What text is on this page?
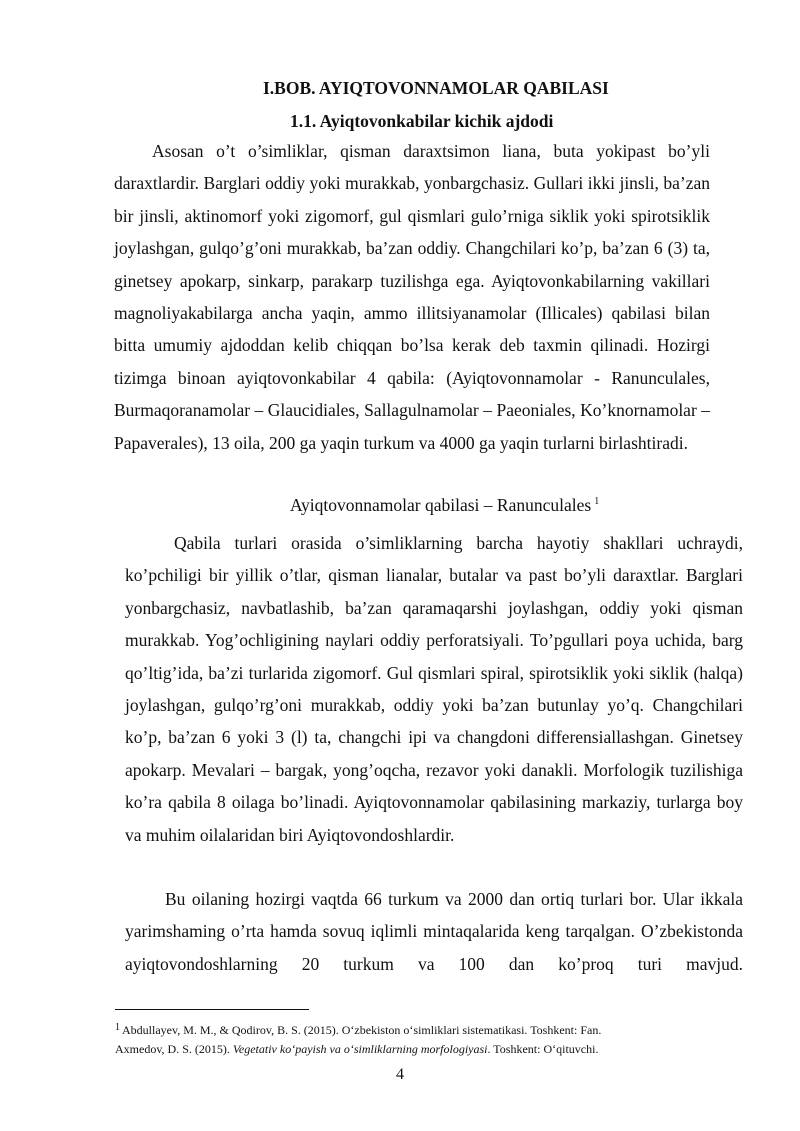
I.BOB. AYIQTOVONNAMOLAR QABILASI

1.1. Ayiqtovonkabilar kichik ajdodi

Asosan o’t o’simliklar, qisman daraxtsimon liana, buta yokipast bo’yli daraxtlardir. Barglari oddiy yoki murakkab, yonbargchasiz. Gullari ikki jinsli, ba’zan bir jinsli, aktinomorf yoki zigomorf, gul qismlari gulo’rniga siklik yoki spirotsiklik joylashgan, gulqo’g’oni murakkab, ba’zan oddiy. Changchilari ko’p, ba’zan 6 (3) ta, ginetsey apokarp, sinkarp, parakarp tuzilishga ega. Ayiqtovonkabilarning vakillari magnoliyakabilarga ancha yaqin, ammo illitsiyanamolar (Illicales) qabilasi bilan bitta umumiy ajdoddan kelib chiqqan bo’lsa kerak deb taxmin qilinadi. Hozirgi tizimga binoan ayiqtovonkabilar 4 qabila: (Ayiqtovonnamolar - Ranunculales, Burmaqoranamolar – Glaucidiales, Sallagulnamolar – Paeoniales, Ko’knornamolar – Papaverales), 13 oila, 200 ga yaqin turkum va 4000 ga yaqin turlarni birlashtiradi.

Ayiqtovonnamolar qabilasi – Ranunculales $^1$

Qabila turlari orasida o’simliklarning barcha hayotiy shakllari uchraydi, ko’pchiligi bir yillik o’tlar, qisman lianalar, butalar va past bo’yli daraxtlar. Barglari yonbargchasiz, navbatlashib, ba’zan qaramaqarshi joylashgan, oddiy yoki qisman murakkab. Yog’ochligining naylari oddiy perforatsiyali. To’pgullari poya uchida, barg qo’ltig’ida, ba’zi turlarida zigomorf. Gul qismlari spiral, spirotsiklik yoki siklik (halqa) joylashgan, gulqo’rg’oni murakkab, oddiy yoki ba’zan butunlay yo’q. Changchilari ko’p, ba’zan 6 yoki 3 (l) ta, changchi ipi va changdoni differensiallashgan. Ginetsey apokarp. Mevalari – bargak, yong’oqcha, rezavor yoki danakli. Morfologik tuzilishiga ko’ra qabila 8 oilaga bo’linadi. Ayiqtovonnamolar qabilasining markaziy, turlarga boy va muhim oilalaridan biri Ayiqtovondoshlardir.

Bu oilaning hozirgi vaqtda 66 turkum va 2000 dan ortiq turlari bor. Ular ikkala yarimshaming o’rta hamda sovuq iqlimli mintaqalarida keng tarqalgan. O’zbekistonda ayiqtovondoshlarning 20 turkum va 100 dan ko’proq turi mavjud.

$^1$ Abdullayev, M. M., & Qodirov, B. S. (2015). O‘zbekiston o‘simliklari sistematikasi. Toshkent: Fan.

Axmedov, D. S. (2015). Vegetativ ko‘payish va o‘simliklarning morfologiyasi. Toshkent: O‘qituvchi.

4
